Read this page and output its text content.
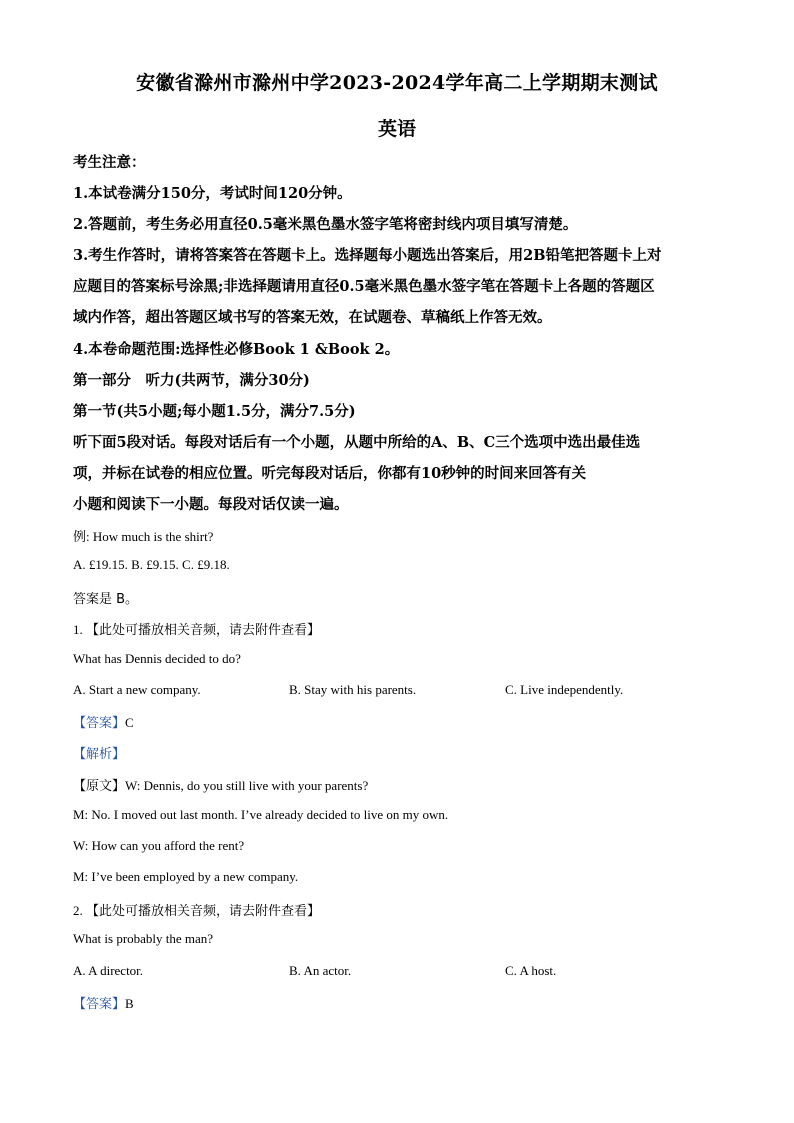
安徽省滁州市滁州中学2023-2024学年高二上学期期末测试
英语
考生注意：
1.本试卷满分150分，考试时间120分钟。
2.答题前，考生务必用直径0.5毫米黑色墨水签字笔将密封线内项目填写清楚。
3.考生作答时，请将答案答在答题卡上。选择题每小题选出答案后，用2B铅笔把答题卡上对
应题目的答案标号涂黑;非选择题请用直径0.5毫米黑色墨水签字笔在答题卡上各题的答题区
域内作答，超出答题区域书写的答案无效，在试题卷、草稿纸上作答无效。
4.本卷命题范围:选择性必修Book 1 &Book 2。
第一部分　听力(共两节，满分30分)
第一节(共5小题;每小题1.5分，满分7.5分)
听下面5段对话。每段对话后有一个小题，从题中所给的A、B、C三个选项中选出最佳选
项，并标在试卷的相应位置。听完每段对话后，你都有10秒钟的时间来回答有关
小题和阅读下一小题。每段对话仅读一遍。
例: How much is the shirt?
A. £19.15. B. £9.15. C. £9.18.
答案是 B。
1. 【此处可播放相关音频，请去附件查看】
What has Dennis decided to do?
A. Start a new company.	B. Stay with his parents.	C. Live independently.
【答案】C
【解析】
【原文】W: Dennis, do you still live with your parents?
M: No. I moved out last month. I’ve already decided to live on my own.
W: How can you afford the rent?
M: I’ve been employed by a new company.
2. 【此处可播放相关音频，请去附件查看】
What is probably the man?
A. A director.	B. An actor.	C. A host.
【答案】B
